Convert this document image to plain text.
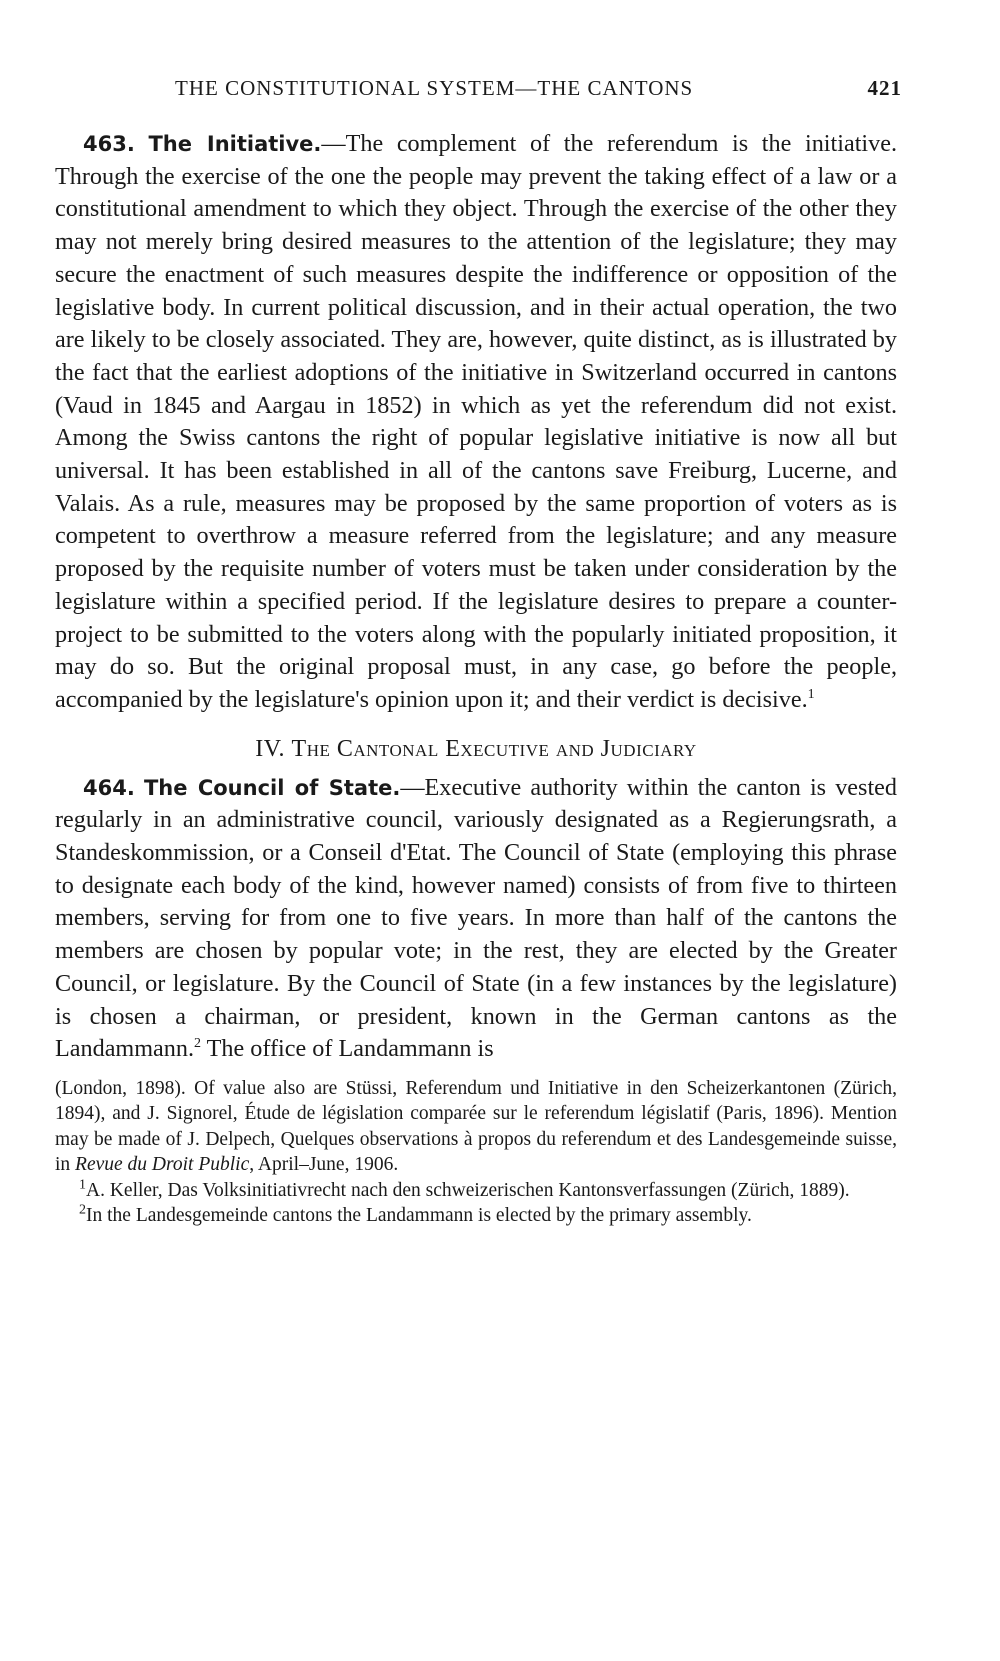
THE CONSTITUTIONAL SYSTEM—THE CANTONS	421

463. The Initiative.—The complement of the referendum is the initiative. Through the exercise of the one the people may prevent the taking effect of a law or a constitutional amendment to which they object. Through the exercise of the other they may not merely bring desired measures to the attention of the legislature; they may secure the enactment of such measures despite the indifference or opposition of the legislative body. In current political discussion, and in their actual operation, the two are likely to be closely associated. They are, however, quite distinct, as is illustrated by the fact that the earliest adoptions of the initiative in Switzerland occurred in cantons (Vaud in 1845 and Aargau in 1852) in which as yet the referendum did not exist. Among the Swiss cantons the right of popular legislative initiative is now all but universal. It has been established in all of the cantons save Freiburg, Lucerne, and Valais. As a rule, measures may be proposed by the same proportion of voters as is competent to overthrow a measure referred from the legislature; and any measure proposed by the requisite number of voters must be taken under consideration by the legislature within a specified period. If the legislature desires to prepare a counter-project to be submitted to the voters along with the popularly initiated proposition, it may do so. But the original proposal must, in any case, go before the people, accompanied by the legislature's opinion upon it; and their verdict is decisive.$^1$

IV. The Cantonal Executive and Judiciary

464. The Council of State.—Executive authority within the canton is vested regularly in an administrative council, variously designated as a Regierungsrath, a Standeskommission, or a Conseil d'Etat. The Council of State (employing this phrase to designate each body of the kind, however named) consists of from five to thirteen members, serving for from one to five years. In more than half of the cantons the members are chosen by popular vote; in the rest, they are elected by the Greater Council, or legislature. By the Council of State (in a few instances by the legislature) is chosen a chairman, or president, known in the German cantons as the Landammann.$^2$ The office of Landammann is

(London, 1898). Of value also are Stüssi, Referendum und Initiative in den Scheizerkantonen (Zürich, 1894), and J. Signorel, Étude de législation comparée sur le referendum législatif (Paris, 1896). Mention may be made of J. Delpech, Quelques observations à propos du referendum et des Landesgemeinde suisse, in Revue du Droit Public, April–June, 1906.

$^1$A. Keller, Das Volksinitiativrecht nach den schweizerischen Kantonsverfassungen (Zürich, 1889).

$^2$In the Landesgemeinde cantons the Landammann is elected by the primary assembly.
